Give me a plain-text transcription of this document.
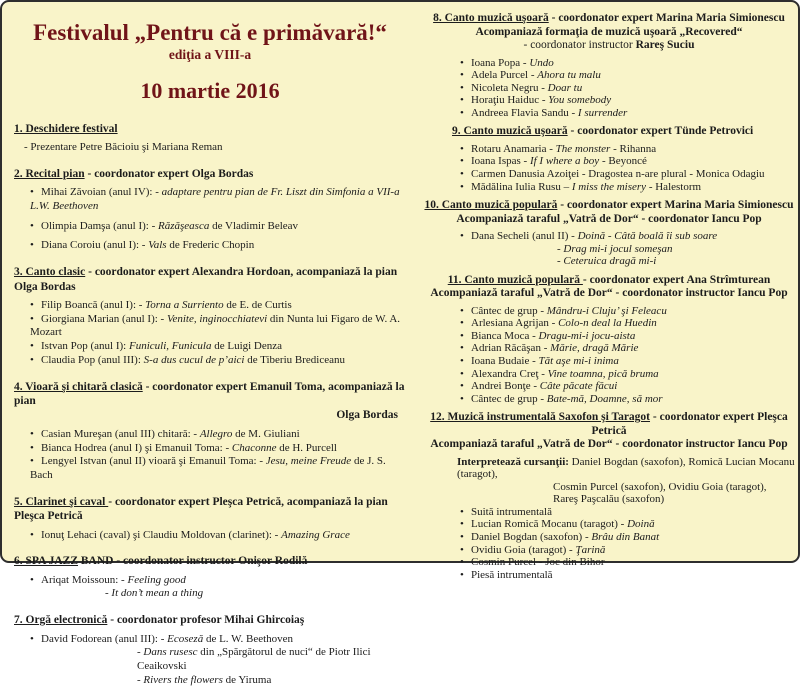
Festivalul „Pentru că e primăvară!“
ediţia a VIII-a
10 martie 2016
1. Deschidere festival
- Prezentare Petre Băcioiu şi Mariana Reman
2. Recital pian - coordonator expert Olga Bordas
• Mihai Zăvoian (anul IV): - adaptare pentru pian de Fr. Liszt din Simfonia a VII-a L.W. Beethoven
• Olimpia Damşa (anul I): - Răzăşeasca de Vladimir Beleav
• Diana Coroiu (anul I): - Vals de Frederic Chopin
3. Canto clasic - coordonator expert Alexandra Hordoan, acompaniază la pian Olga Bordas
• Filip Boancă (anul I): - Torna a Surriento de E. de Curtis
• Giorgiana Marian (anul I): - Venite, inginocchiatevi din Nunta lui Figaro de W. A. Mozart
• Istvan Pop (anul I): Funiculi, Funicula de Luigi Denza
• Claudia Pop (anul III): S-a dus cucul de p’aici de Tiberiu Brediceanu
4. Vioară şi chitară clasică - coordonator expert Emanuil Toma, acompaniază la pian
Olga Bordas
• Casian Mureşan (anul III) chitară: - Allegro de M. Giuliani
• Bianca Hodrea (anul I) şi Emanuil Toma: - Chaconne de H. Purcell
• Lengyel Istvan (anul II) vioară şi Emanuil Toma: - Jesu, meine Freude de J. S. Bach
5. Clarinet şi caval - coordonator expert Pleşca Petrică, acompaniază la pian Pleşca Petrică
• Ionuţ Lehaci (caval) şi Claudiu Moldovan (clarinet): - Amazing Grace
6. SPA JAZZ BAND - coordonator instructor Onişor Rodilă
• Ariqat Moissoun: - Feeling good
- It don’t mean a thing
7. Orgă electronică - coordonator profesor Mihai Ghircoiaş
• David Fodorean (anul III): - Ecoseză de L. W. Beethoven
- Dans rusesc din „Spărgătorul de nuci“ de Piotr Ilici Ceaikovski
- Rivers the flowers de Yiruma
8. Canto muzică uşoară - coordonator expert Marina Maria Simionescu
Acompaniază formaţia de muzică uşoară „Recovered“
- coordonator instructor Rareş Suciu
• Ioana Popa - Undo
• Adela Purcel - Ahora tu malu
• Nicoleta Negru - Doar tu
• Horaţiu Haiduc - You somebody
• Andreea Flavia Sandu - I surrender
9. Canto muzică uşoară - coordonator expert Tünde Petrovici
• Rotaru Anamaria - The monster - Rihanna
• Ioana Ispas - If I where a boy - Beyoncé
• Carmen Danusia Azoiţei - Dragostea n-are plural - Monica Odagiu
• Mădălina Iulia Rusu – I miss the misery - Halestorm
10. Canto muzică populară - coordonator expert Marina Maria Simionescu
Acompaniază taraful „Vatră de Dor“ - coordonator Iancu Pop
• Dana Secheli (anul II) - Doină - Câtă boală îi sub soare
- Drag mi-i jocul someşan
- Ceteruica dragă mi-i
11. Canto muzică populară - coordonator expert Ana Strîmturean
Acompaniază taraful „Vatră de Dor“ - coordonator instructor Iancu Pop
• Cântec de grup - Mândru-i Cluju’ şi Feleacu
• Arlesiana Agrijan - Colo-n deal la Huedin
• Bianca Moca - Dragu-mi-i jocu-aista
• Adrian Răcăşan - Mărie, dragă Mărie
• Ioana Budaie - Tăt aşe mi-i inima
• Alexandra Creţ - Vine toamna, pică bruma
• Andrei Bonţe - Câte păcate făcui
• Cântec de grup - Bate-mă, Doamne, să mor
12. Muzică instrumentală Saxofon şi Taragot - coordonator expert Pleşca Petrică
Acompaniază taraful „Vatră de Dor“ - coordonator instructor Iancu Pop
Interpretează cursanţii: Daniel Bogdan (saxofon), Romică Lucian Mocanu (taragot),
Cosmin Purcel (saxofon), Ovidiu Goia (taragot),
Rareş Paşcalău (saxofon)
• Suită intrumentală
• Lucian Romică Mocanu (taragot) - Doină
• Daniel Bogdan (saxofon) - Brâu din Banat
• Ovidiu Goia (taragot) - Ţarină
• Cosmin Purcel - Joc din Bihor
• Piesă intrumentală
